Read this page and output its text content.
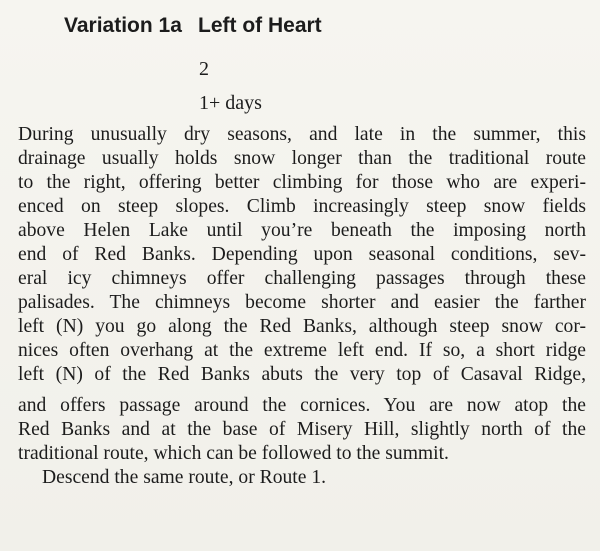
Variation 1a Left of Heart
2
1+ days
During unusually dry seasons, and late in the summer, this
drainage usually holds snow longer than the traditional route
to the right, offering better climbing for those who are experi-
enced on steep slopes. Climb increasingly steep snow fields
above Helen Lake until you’re beneath the imposing north
end of Red Banks. Depending upon seasonal conditions, sev-
eral icy chimneys offer challenging passages through these
palisades. The chimneys become shorter and easier the farther
left (N) you go along the Red Banks, although steep snow cor-
nices often overhang at the extreme left end. If so, a short ridge
left (N) of the Red Banks abuts the very top of Casaval Ridge,
and offers passage around the cornices. You are now atop the
Red Banks and at the base of Misery Hill, slightly north of the
traditional route, which can be followed to the summit.
Descend the same route, or Route 1.
